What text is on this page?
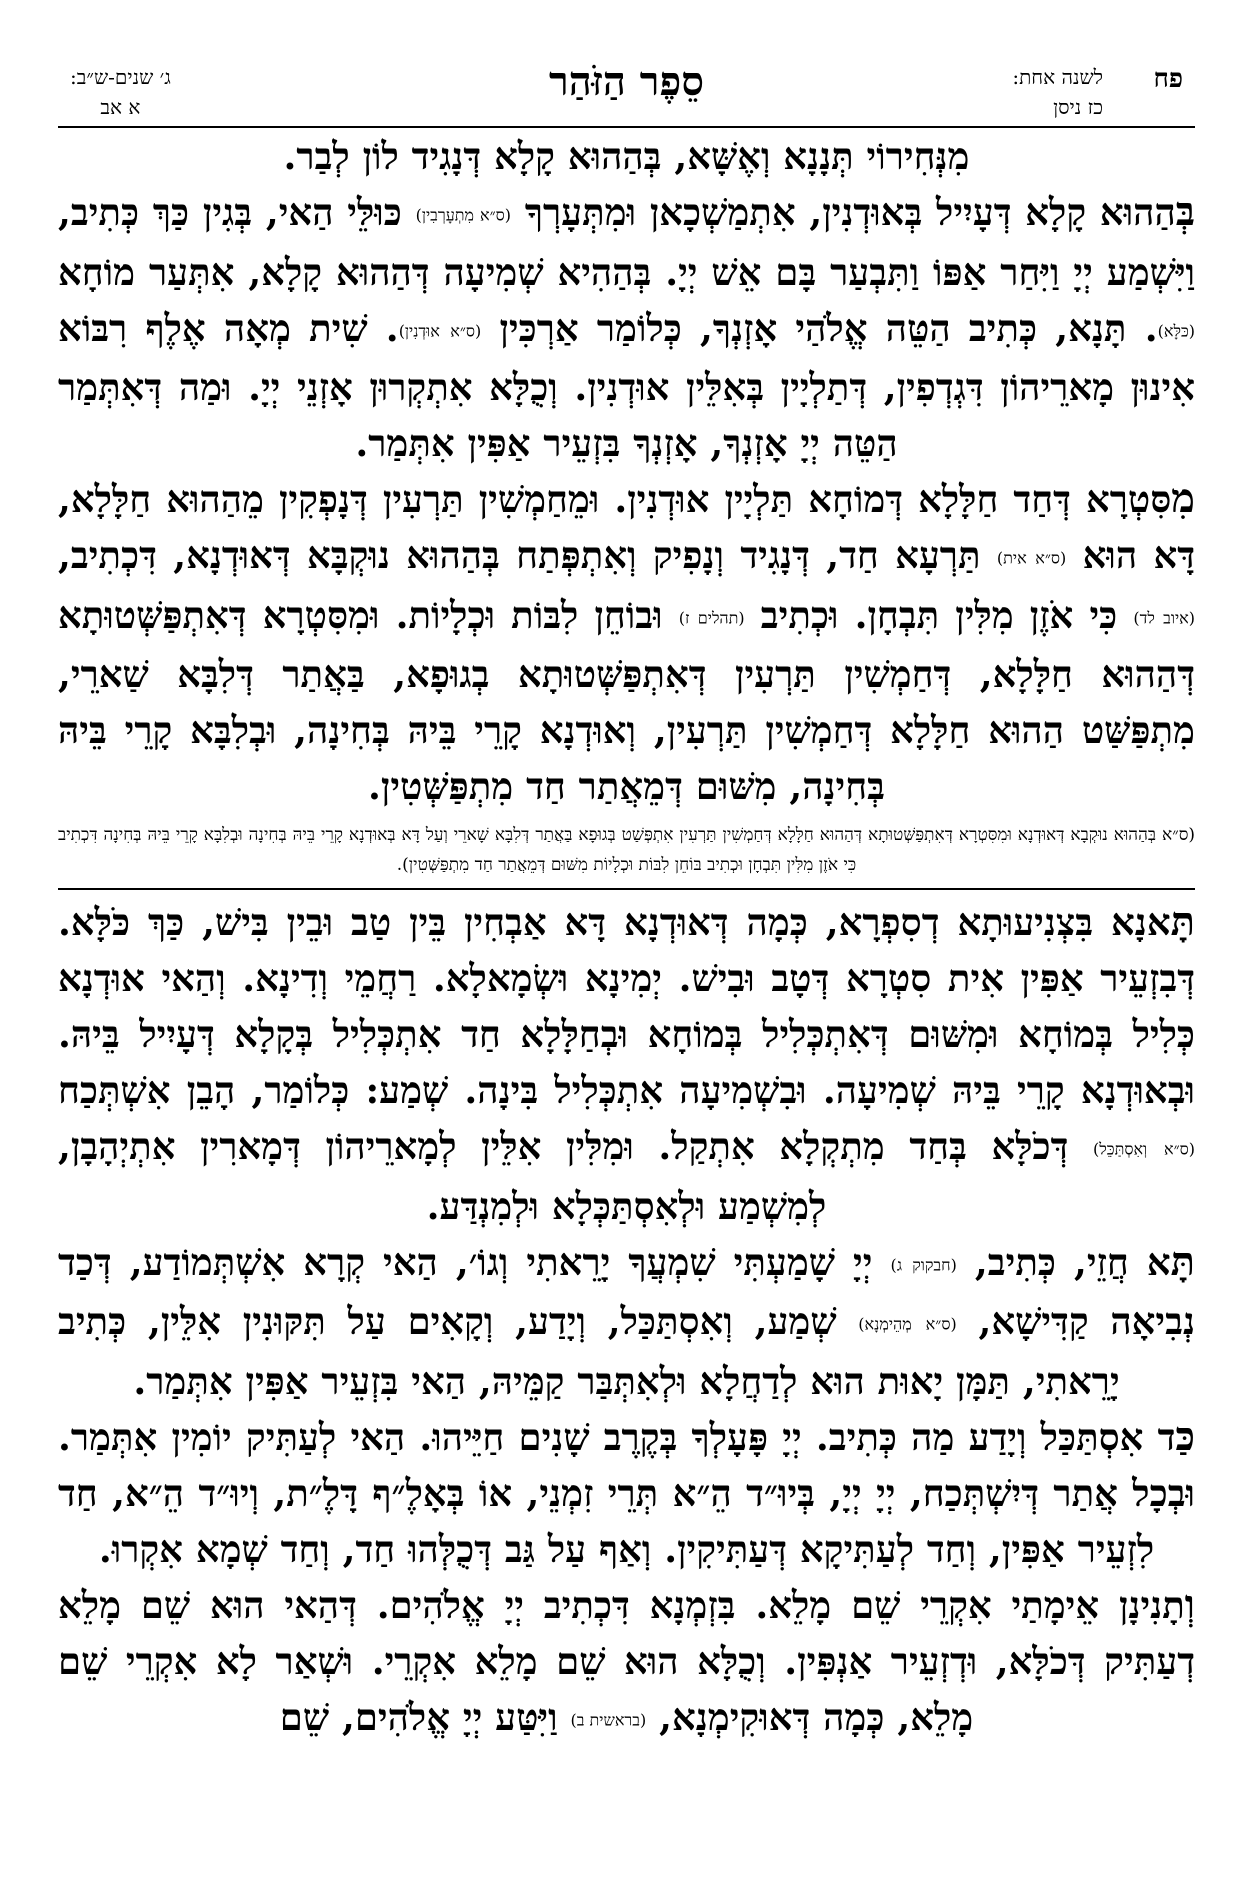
פח
לשנה אחת:
כז ניסן
סֵפֶר הַזֹּהַר
ג׳ שנים-ש״ב:
א אב

מִנְּחִירוֹי תְּנָנָא וְאֶשָּׁא, בְּהַהוּא קָלָא דְּנָגִיד לוֹן לְבַר.

בְּהַהוּא קָלָא דְּעָיִיל בְּאוּדְנִין, אִתְמַשְׁכָאן וּמִתְּעָרְךָ (ס״א מִתְעָרְבִין) כּוּלֵּי הַאי, בְּגִין כַּךְ כְּתִיב, וַיִּשְׁמַע יְיָ וַיִּחַר אַפּוֹ וַתִּבְעַר בָּם אֵשׁ יְיָ. בְּהַהִיא שְׁמִיעָה דְּהַהוּא קָלָא, אִתְּעַר מוֹחָא (כּלָּא). תָּנָא, כְּתִיב הַטֵּה אֱלֹהַי אָזְנְךָ, כְּלוֹמַר אַרְכִּין (ס״א אוּדְנִין). שִׁית מְאָה אֶלֶף רִבּוֹא אִינוּן מָארֵיהוֹן דִּגְדְפִין, דְּתַלְיָין בְּאִלֵּין אוּדְנִין. וְכֻלָּא אִתְקְרוּן אָזְנֵי יְיָ. וּמַה דְּאִתְּמַר הַטֵּה יְיָ אָזְנְךָ, אָזְנְךָ בִּזְעֵיר אַפִּין אִתְּמַר.

מִסִּטְרָא דְּחַד חַלָּלָא דְּמוֹחָא תַּלְיָין אוּדְנִין. וּמֵחַמְשִׁין תַּרְעִין דְּנָפְקִין מֵהַהוּא חַלָּלָא, דָּא הוּא (ס״א אית) תַּרְעָא חַד, דְּנָגִיד וְנָפִיק וְאִתְפְּתַח בְּהַהוּא נוּקְבָּא דְּאוּדְנָא, דִּכְתִיב, (איוב לד) כִּי אֹזֶן מִלִּין תִּבְחָן. וּכְתִיב (תהלים ז) וּבוֹחֵן לִבּוֹת וּכְלָיוֹת. וּמִסִּטְרָא דְּאִתְפַּשְּׁטוּתָא דְּהַהוּא חַלָּלָא, דְּחַמְשִׁין תַּרְעִין דְּאִתְפַּשְּׁטוּתָא בְגוּפָא, בַּאֲתַר דְּלִבָּא שַׁארֵי, מִתְפַּשַּׁט הַהוּא חַלָּלָא דְּחַמְשִׁין תַּרְעִין, וְאוּדְנָא קָרֵי בֵּיהּ בְּחִינָה, וּבְלִבָּא קָרֵי בֵּיהּ בְּחִינָה, מִשּׁוּם דְּמֵאֲתַר חַד מִתְפַּשְּׁטִין.

(ס״א בְּהַהוּא נוּקְבָא דְּאוּדְנָא וּמִסִּטְרָא דְּאִתְפַּשְּׁטוּתָא דְּהַהוּא חַלָּלָא דְּחַמְשִׁין תַּרְעִין אִתְפְּשַׁט בְּגוּפָא בַּאֲתַר דְּלִבָּא שָׁארֵי וְעַל דָּא בְּאוּדְנָא קָרֵי בֵּיהּ בְּחִינָה וּבְלִבָּא קָרֵי בֵּיהּ בְּחִינָה דִּכְתִיב כִּי אֹזֶן מִלִּין תִּבְחָן וּכְתִיב בּוֹחֵן לִבּוֹת וּכְלָיוֹת מִשּׁוּם דְּמֵאֲתַר חַד מִתְפַּשְּׁטִין).

תָּאנָא בִּצְנִיעוּתָא דְסִפְרָא, כְּמָה דְּאוּדְנָא דָּא אַבְחִין בֵּין טַב וּבֵין בִּישׁ, כַּךְ כֹּלָּא. דְּבִזְעֵיר אַפִּין אִית סִטְרָא דְּטָב וּבִישׁ. יְמִינָא וּשְׂמָאלָא. רַחֲמֵי וְדִינָא. וְהַאי אוּדְנָא כְּלִיל בְּמוֹחָא וּמִשּׁוּם דְּאִתְכְּלִיל בְּמוֹחָא וּבְחַלָּלָא חַד אִתְכְּלִיל בְּקָלָא דְּעָיִיל בֵּיהּ. וּבְאוּדְנָא קָרֵי בֵּיהּ שְׁמִיעָה. וּבִשְׁמִיעָה אִתְכְּלִיל בִּינָה. שְׁמַע: כְּלוֹמַר, הָבֵן אִשְׁתְּכַח (ס״א וְאִסְתַּכֵּל) דְּכֹלָּא בְּחַד מִתְקְלָא אִתְקַל. וּמִלִּין אִלֵּין לְמָארֵיהוֹן דְּמָארִין אִתְיְהָבָן, לְמִשְׁמַע וּלְאִסְתַּכְּלָא וּלְמִנְדַּע.

תָּא חֲזֵי, כְּתִיב, (חבקוק ג) יְיָ שָׁמַעְתִּי שִׁמְעֲךָ יָרֵאתִי וְגוֹ׳, הַאי קְרָא אִשְׁתְּמוֹדַע, דְּכַד נְבִיאָה קַדִּישָׁא, (ס״א מְהֵימְנָא) שְׁמַע, וְאִסְתַּכַּל, וְיָדַע, וְקָאִים עַל תִּקּוּנִין אִלֵּין, כְּתִיב יָרֵאתִי, תַּמָּן יָאוּת הוּא לְדַחֲלָא וּלְאִתְּבַּר קַמֵּיהּ, הַאי בִּזְעֵיר אַפִּין אִתְּמַר.

כַּד אִסְתַּכַּל וְיָדַע מַה כְּתִיב. יְיָ פָּעָלְךָ בְּקֶרֶב שָׁנִים חַיֵּיהוּ. הַאי לְעַתִּיק יוֹמִין אִתְּמַר. וּבְכָל אֲתַר דְּיִשְׁתְּכַח, יְיָ יְיָ, בְּיוּ״ד הֵ״א תְּרֵי זִמְנֵי, אוֹ בְּאָלֶ״ף דָּלֶ״ת, וְיוּ״ד הֵ״א, חַד לִזְעֵיר אַפִּין, וְחַד לְעַתִּיקָא דְּעַתִּיקִין. וְאַף עַל גַּב דְּכֻלְּהוּ חַד, וְחַד שְׁמָא אִקְרוּ.

וְתָנִינָן אֵימָתַי אִקְרֵי שֵׁם מָלֵא. בִּזְמְנָא דִּכְתִיב יְיָ אֱלֹהִים. דְּהַאי הוּא שֵׁם מָלֵא דְעַתִּיק דְּכֹלָּא, וּדְזְעֵיר אַנְפִּין. וְכֻלָּא הוּא שֵׁם מָלֵא אִקְרֵי. וּשְׁאַר לָא אִקְרֵי שֵׁם מָלֵא, כְּמָה דְּאוּקִימְנָא, (בראשית ב) וַיִּטַּע יְיָ אֱלֹהִים, שֵׁם
